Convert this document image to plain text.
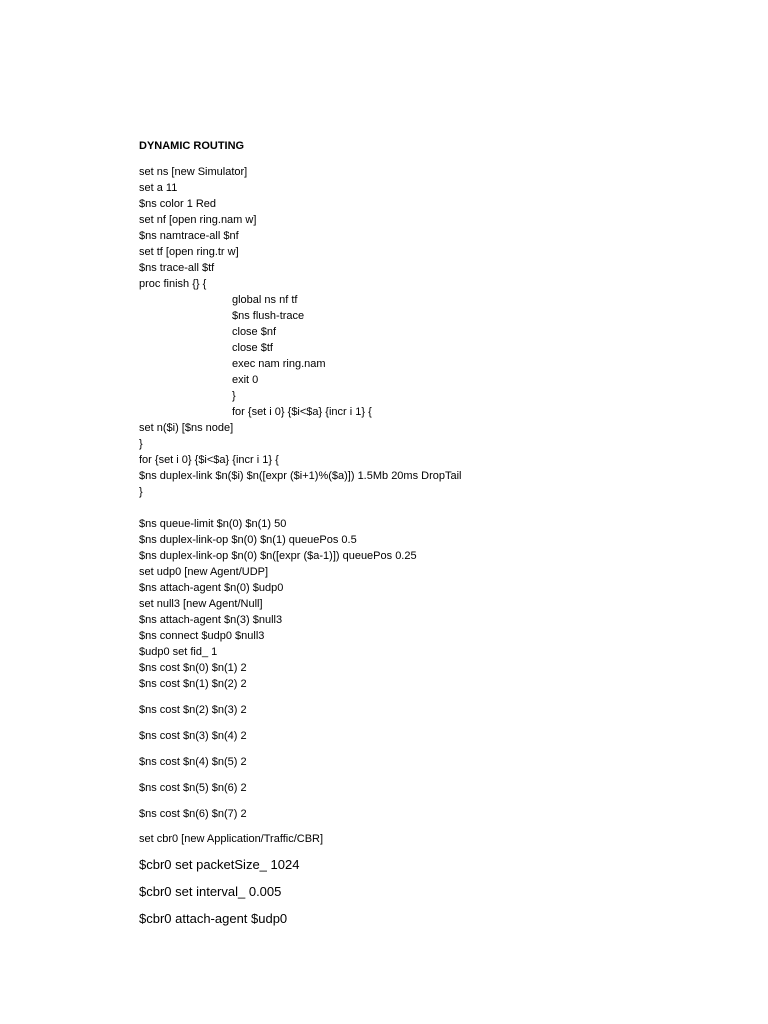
DYNAMIC ROUTING
set ns [new Simulator]
set a 11
$ns color 1 Red
set nf [open ring.nam w]
$ns namtrace-all $nf
set tf [open ring.tr w]
$ns trace-all $tf
proc finish {} {
global ns nf tf
$ns flush-trace
close $nf
close $tf
exec nam ring.nam
exit 0
}
for {set i 0} {$i<$a} {incr i 1} {
set n($i) [$ns node]
}
for {set i 0} {$i<$a} {incr i 1} {
$ns duplex-link $n($i) $n([expr ($i+1)%($a)]) 1.5Mb 20ms DropTail
}
$ns queue-limit $n(0) $n(1) 50
$ns duplex-link-op $n(0) $n(1) queuePos 0.5
$ns duplex-link-op $n(0) $n([expr ($a-1)]) queuePos 0.25
set udp0 [new Agent/UDP]
$ns attach-agent $n(0) $udp0
set null3 [new Agent/Null]
$ns attach-agent $n(3) $null3
$ns connect $udp0 $null3
$udp0 set fid_ 1
$ns cost $n(0) $n(1) 2
$ns cost $n(1) $n(2) 2
$ns cost $n(2) $n(3) 2
$ns cost $n(3) $n(4) 2
$ns cost $n(4) $n(5) 2
$ns cost $n(5) $n(6) 2
$ns cost $n(6) $n(7) 2
set cbr0 [new Application/Traffic/CBR]
$cbr0 set packetSize_ 1024
$cbr0 set interval_ 0.005
$cbr0 attach-agent $udp0
